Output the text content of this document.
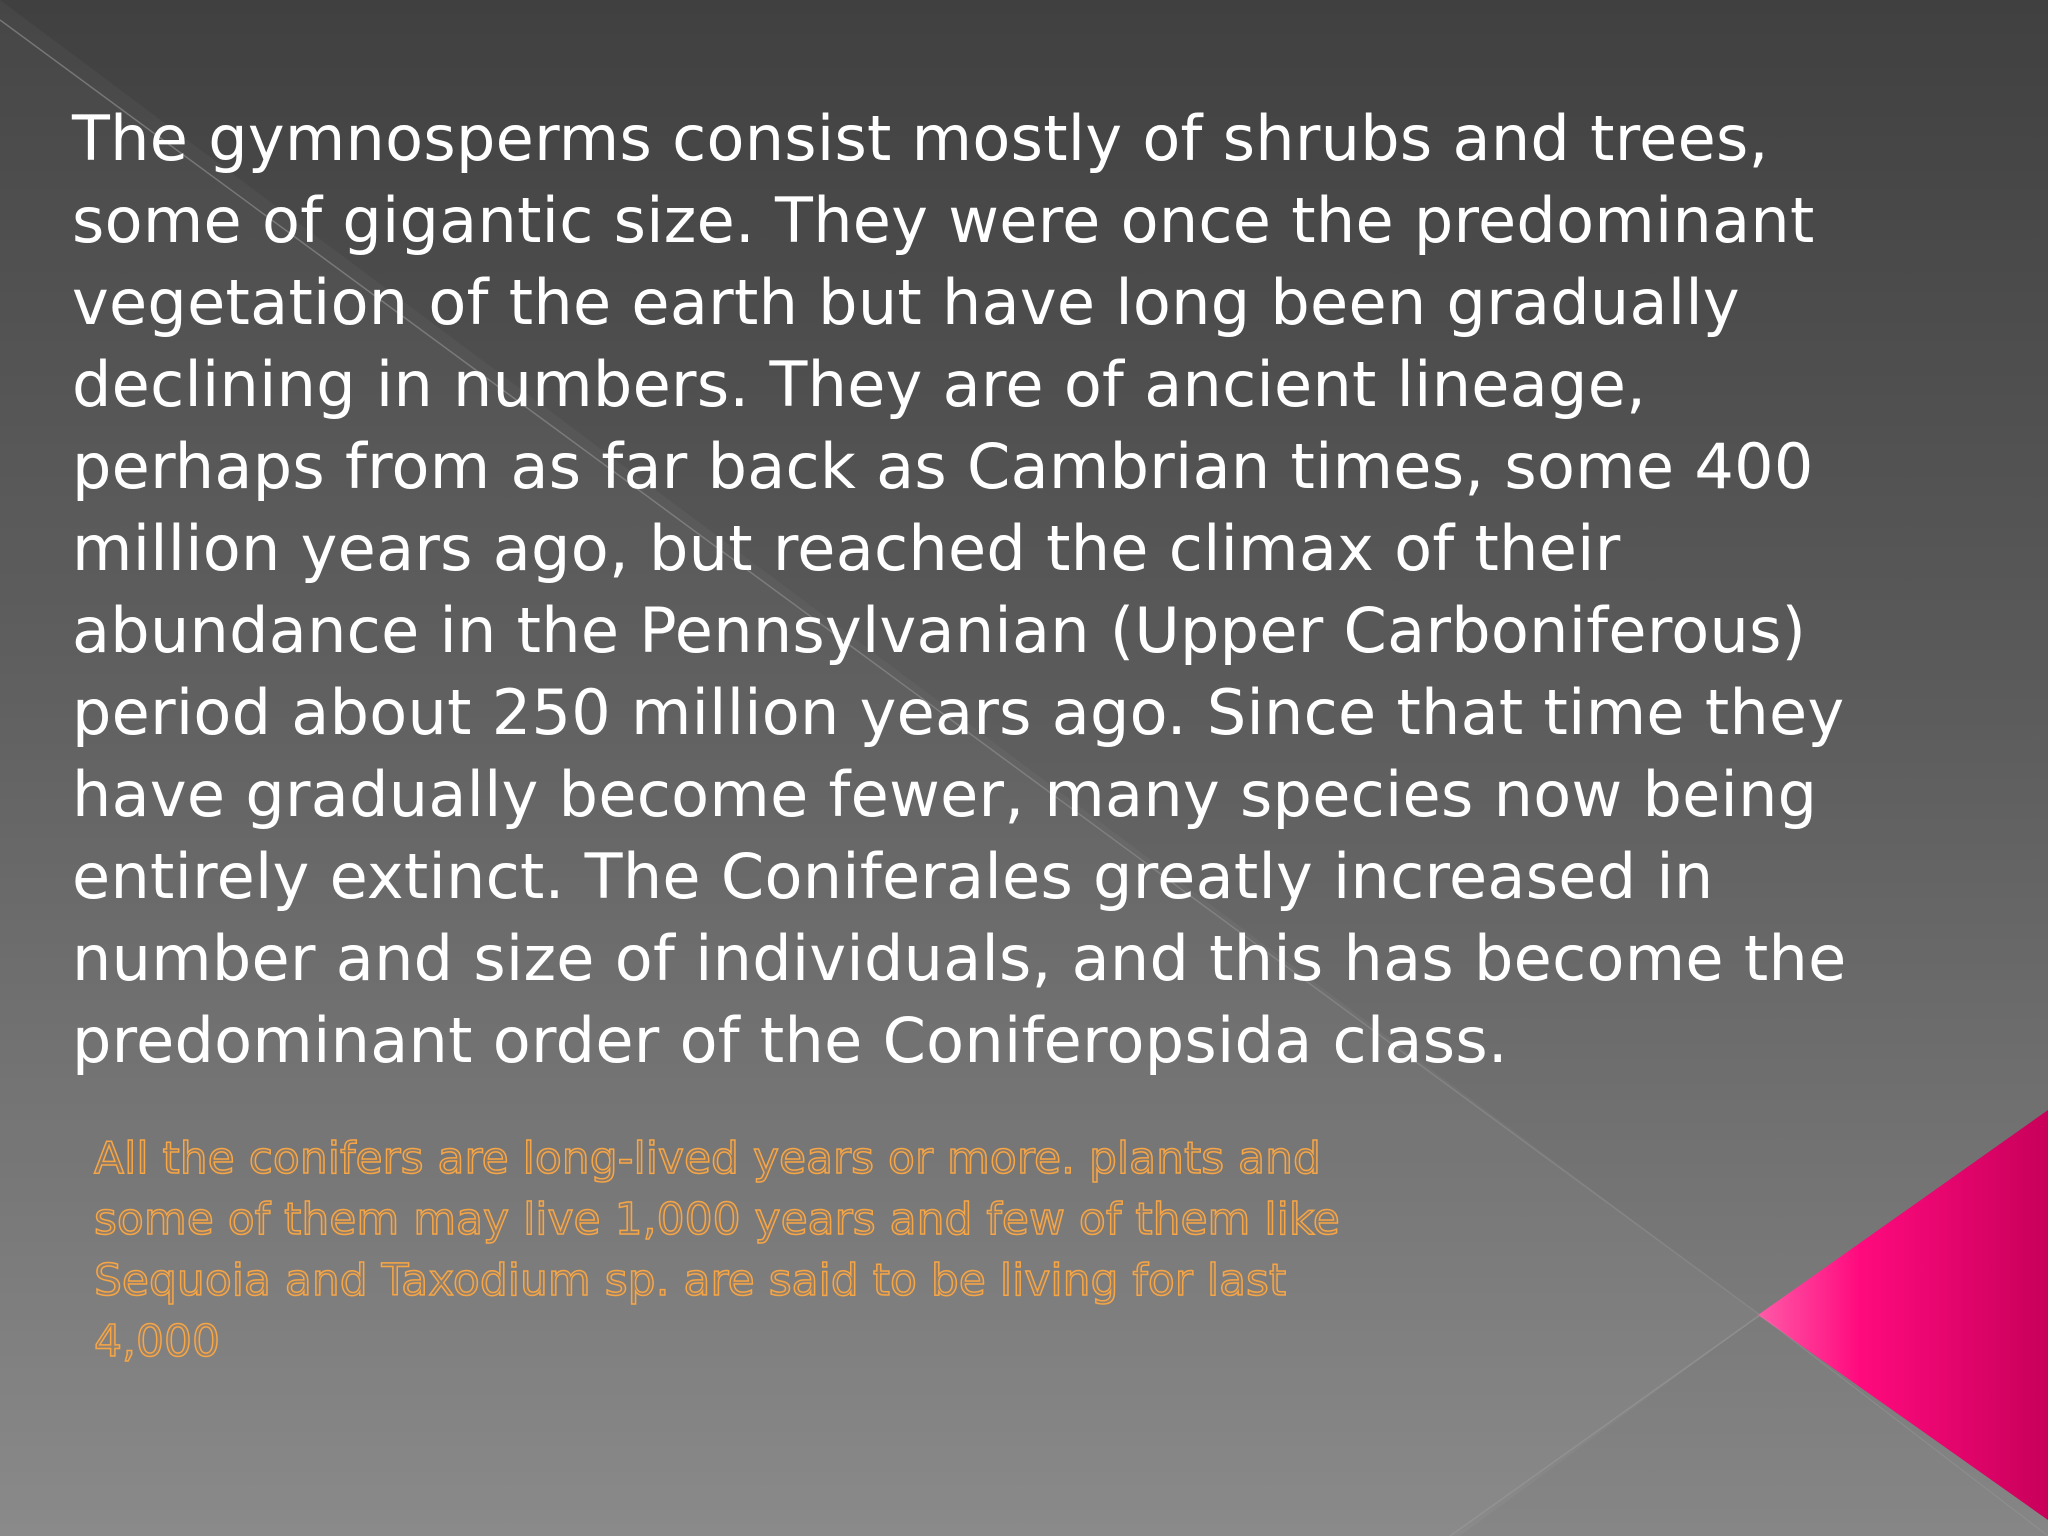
The gymnosperms consist mostly of shrubs and trees,
some of gigantic size. They were once the predominant
vegetation of the earth but have long been gradually
declining in numbers. They are of ancient lineage,
perhaps from as far back as Cambrian times, some 400
million years ago, but reached the climax of their
abundance in the Pennsylvanian (Upper Carboniferous)
period about 250 million years ago. Since that time they
have gradually become fewer, many species now being
entirely extinct. The Coniferales greatly increased in
number and size of individuals, and this has become the
predominant order of the Coniferopsida class.

All the conifers are long-lived years or more. plants and
some of them may live 1,000 years and few of them like
Sequoia and Taxodium sp. are said to be living for last
4,000
